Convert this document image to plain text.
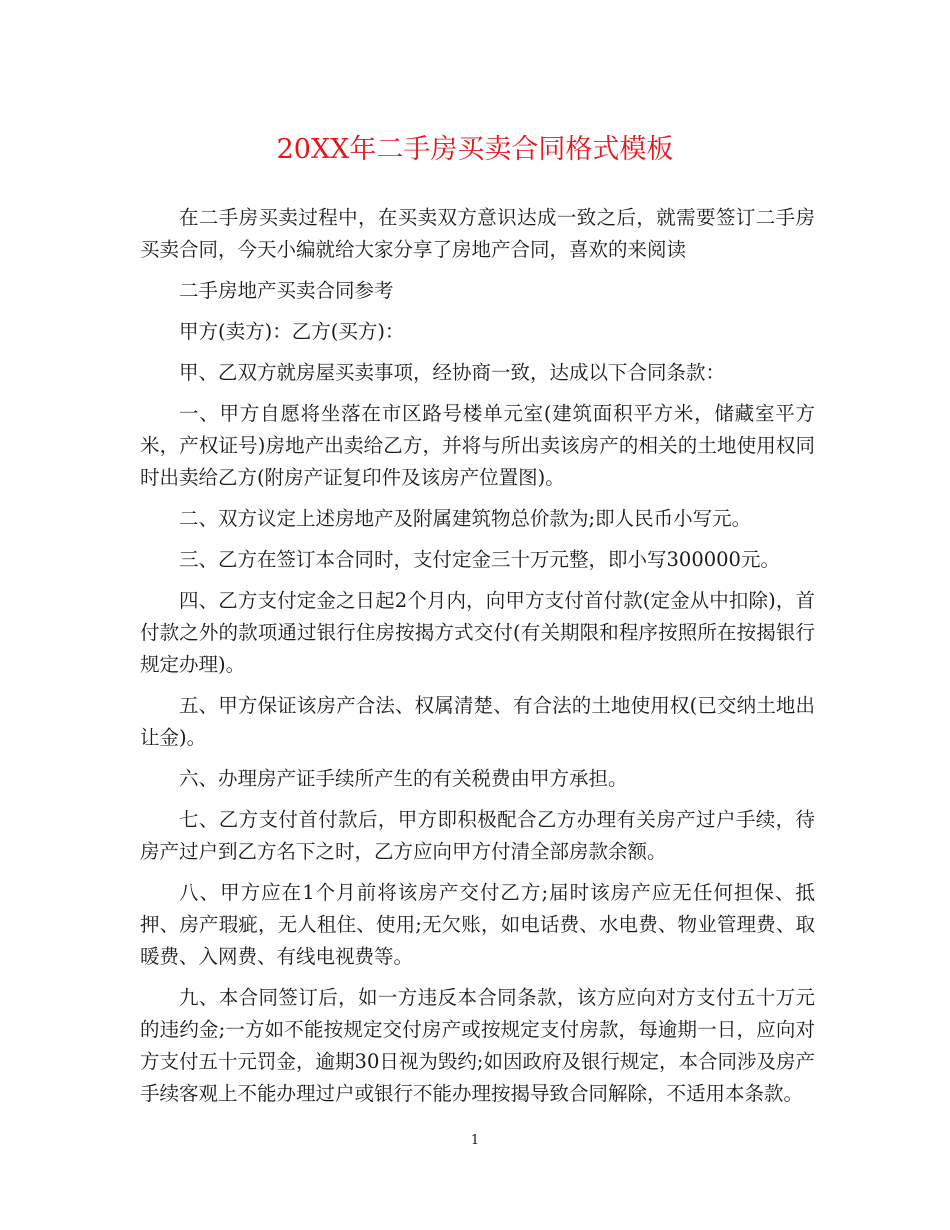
20XX年二手房买卖合同格式模板

在二手房买卖过程中，在买卖双方意识达成一致之后，就需要签订二手房买卖合同，今天小编就给大家分享了房地产合同，喜欢的来阅读

二手房地产买卖合同参考

甲方(卖方)：乙方(买方)：

甲、乙双方就房屋买卖事项，经协商一致，达成以下合同条款：

一、甲方自愿将坐落在市区路号楼单元室(建筑面积平方米，储藏室平方米，产权证号)房地产出卖给乙方，并将与所出卖该房产的相关的土地使用权同时出卖给乙方(附房产证复印件及该房产位置图)。

二、双方议定上述房地产及附属建筑物总价款为;即人民币小写元。

三、乙方在签订本合同时，支付定金三十万元整，即小写300000元。

四、乙方支付定金之日起2个月内，向甲方支付首付款(定金从中扣除)，首付款之外的款项通过银行住房按揭方式交付(有关期限和程序按照所在按揭银行规定办理)。

五、甲方保证该房产合法、权属清楚、有合法的土地使用权(已交纳土地出让金)。

六、办理房产证手续所产生的有关税费由甲方承担。

七、乙方支付首付款后，甲方即积极配合乙方办理有关房产过户手续，待房产过户到乙方名下之时，乙方应向甲方付清全部房款余额。

八、甲方应在1个月前将该房产交付乙方;届时该房产应无任何担保、抵押、房产瑕疵，无人租住、使用;无欠账，如电话费、水电费、物业管理费、取暖费、入网费、有线电视费等。

九、本合同签订后，如一方违反本合同条款，该方应向对方支付五十万元的违约金;一方如不能按规定交付房产或按规定支付房款，每逾期一日，应向对方支付五十元罚金，逾期30日视为毁约;如因政府及银行规定，本合同涉及房产手续客观上不能办理过户或银行不能办理按揭导致合同解除，不适用本条款。

1
